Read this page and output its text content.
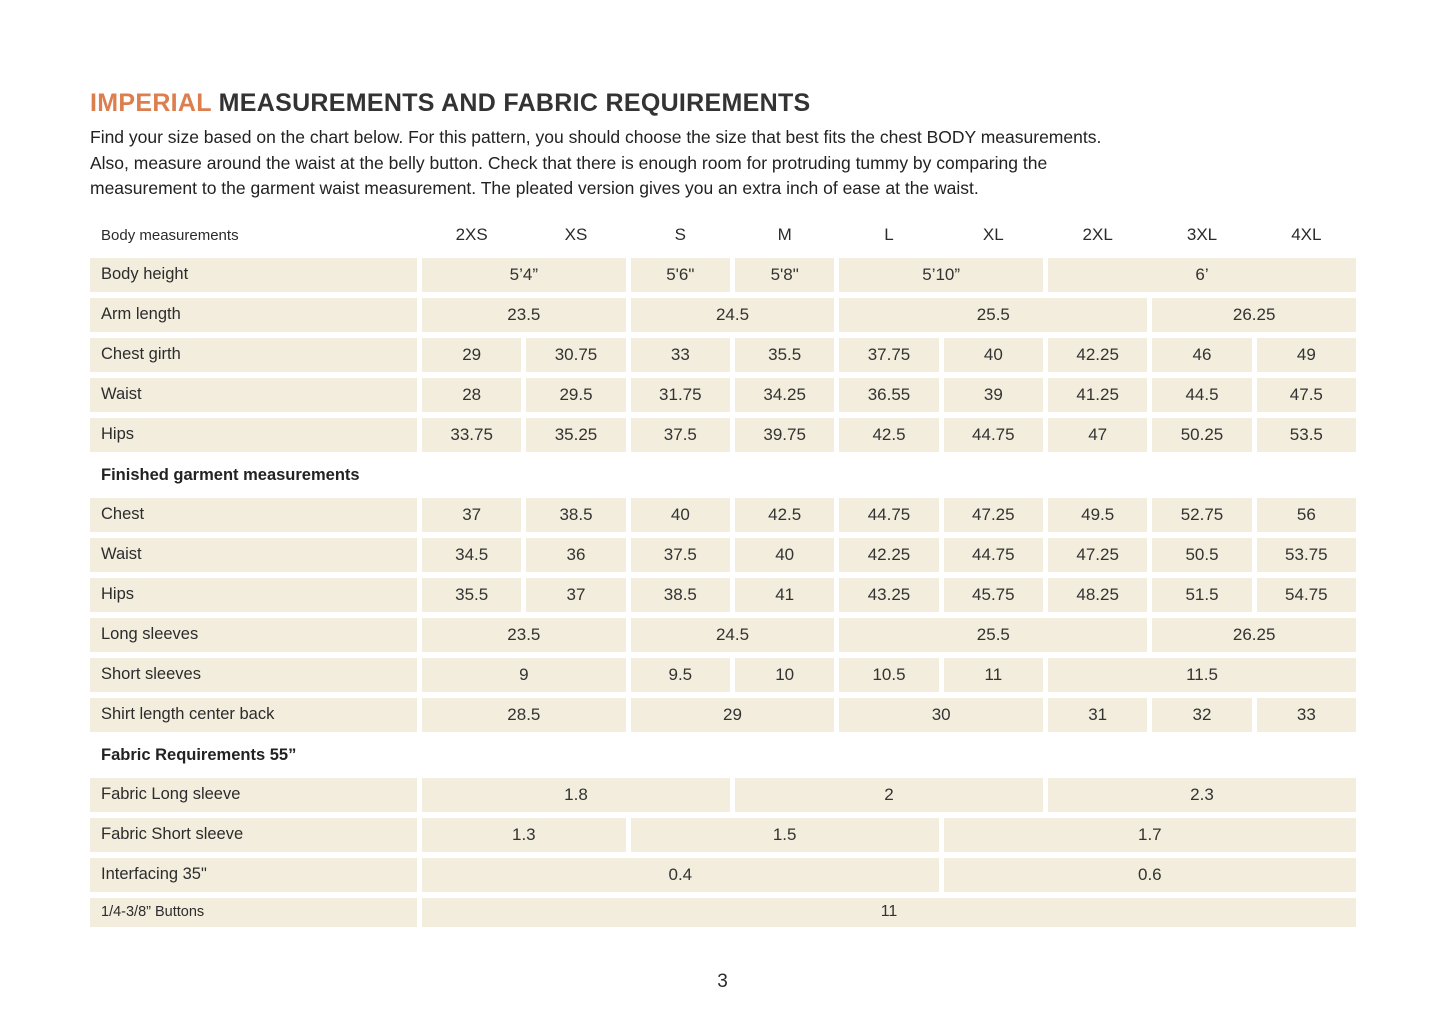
IMPERIAL MEASUREMENTS AND FABRIC REQUIREMENTS

Find your size based on the chart below. For this pattern, you should choose the size that best fits the chest BODY measurements.
Also, measure around the waist at the belly button. Check that there is enough room for protruding tummy by comparing the
measurement to the garment waist measurement. The pleated version gives you an extra inch of ease at the waist.

Body measurements	2XS	XS	S	M	L	XL	2XL	3XL	4XL
Body height	5’4”	5'6"	5'8"	5’10”	6’
Arm length	23.5	24.5	25.5	26.25
Chest girth	29	30.75	33	35.5	37.75	40	42.25	46	49
Waist	28	29.5	31.75	34.25	36.55	39	41.25	44.5	47.5
Hips	33.75	35.25	37.5	39.75	42.5	44.75	47	50.25	53.5
Finished garment measurements
Chest	37	38.5	40	42.5	44.75	47.25	49.5	52.75	56
Waist	34.5	36	37.5	40	42.25	44.75	47.25	50.5	53.75
Hips	35.5	37	38.5	41	43.25	45.75	48.25	51.5	54.75
Long sleeves	23.5	24.5	25.5	26.25
Short sleeves	9	9.5	10	10.5	11	11.5
Shirt length center back	28.5	29	30	31	32	33
Fabric Requirements 55”
Fabric Long sleeve	1.8	2	2.3
Fabric Short sleeve	1.3	1.5	1.7
Interfacing 35"	0.4	0.6
1/4-3/8” Buttons	11
3
